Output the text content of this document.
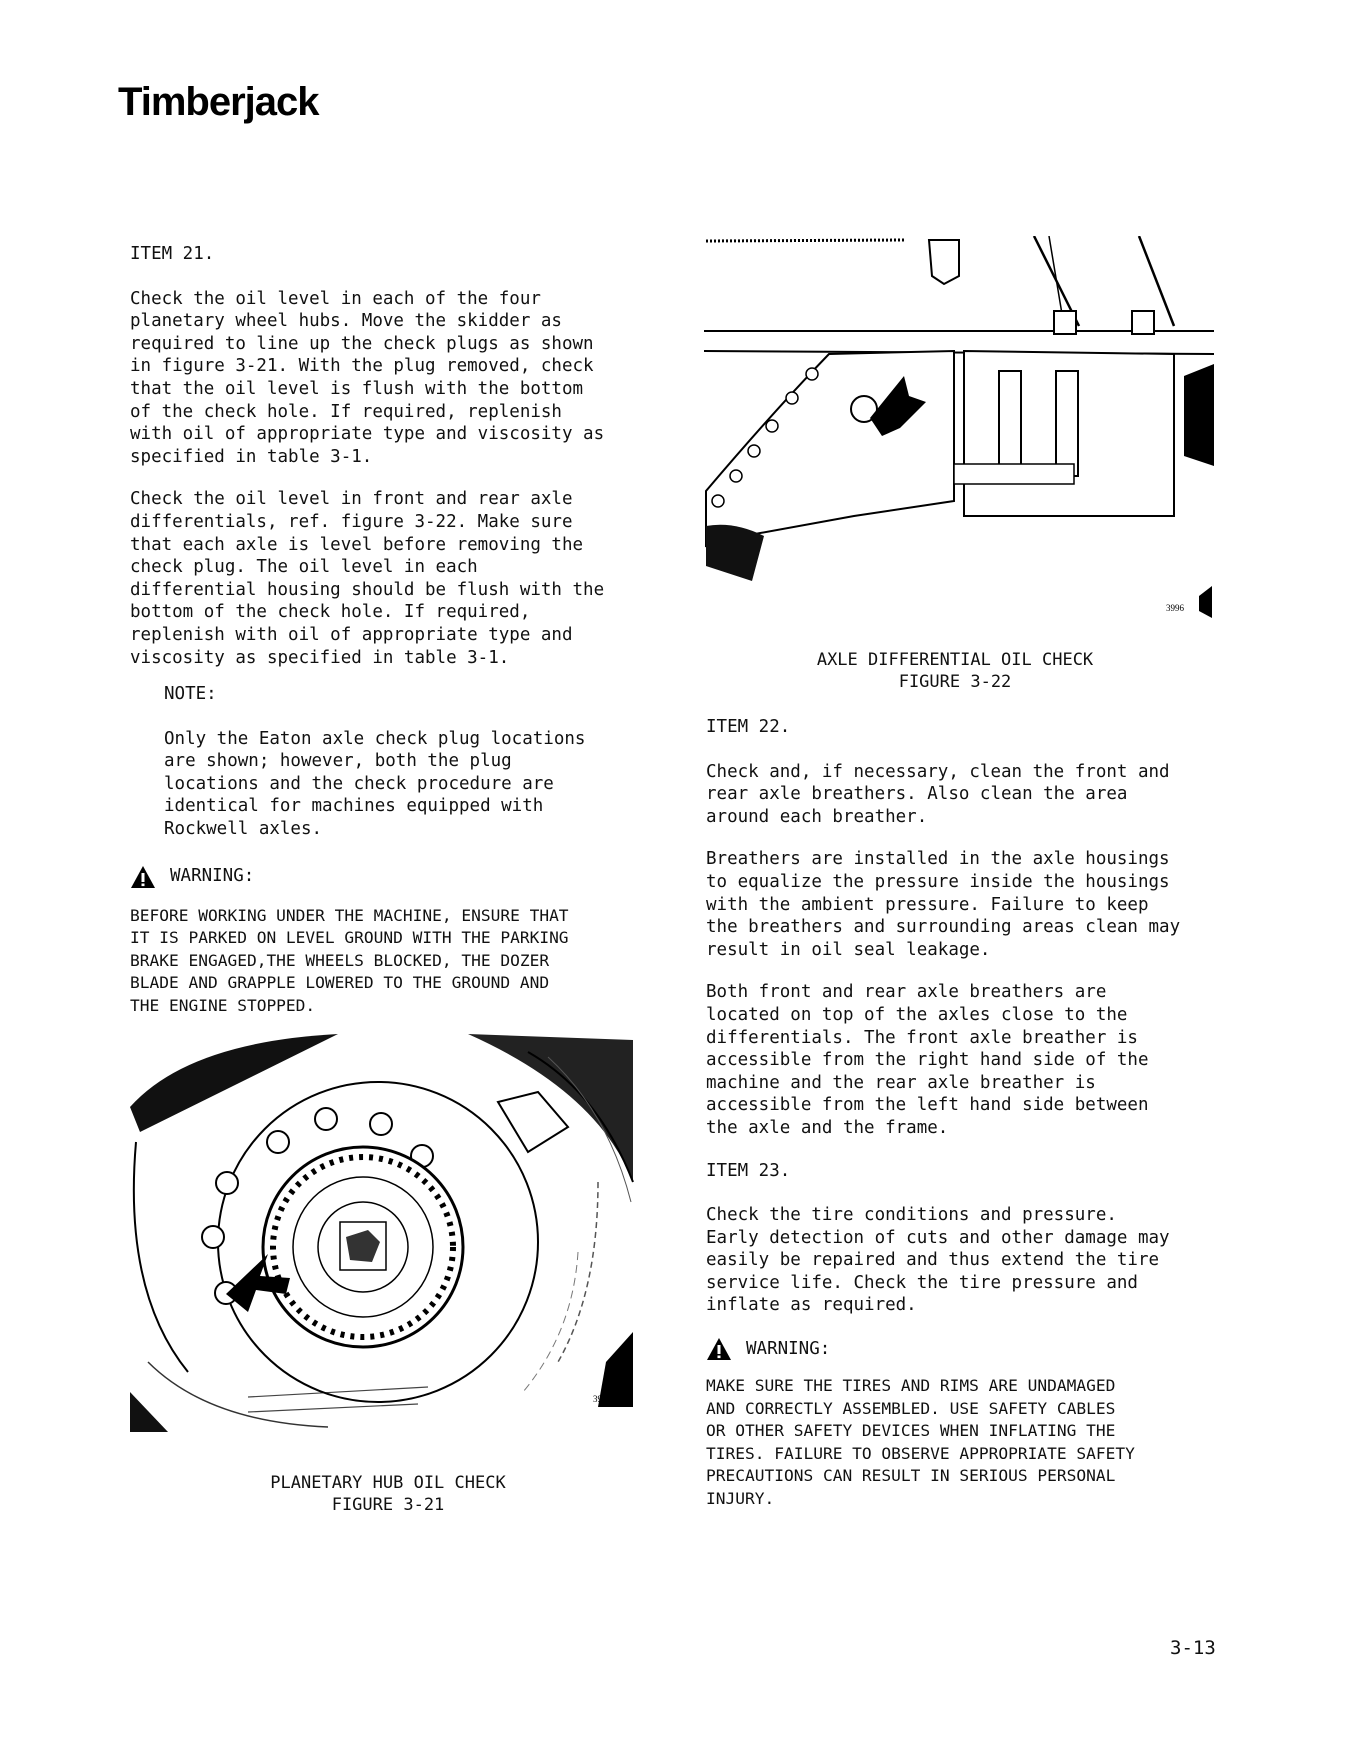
Timberjack

ITEM 21.

Check the oil level in each of the four
planetary wheel hubs. Move the skidder as
required to line up the check plugs as shown
in figure 3-21. With the plug removed, check
that the oil level is flush with the bottom
of the check hole. If required, replenish
with oil of appropriate type and viscosity as
specified in table 3-1.

Check the oil level in front and rear axle
differentials, ref. figure 3-22. Make sure
that each axle is level before removing the
check plug. The oil level in each
differential housing should be flush with the
bottom of the check hole. If required,
replenish with oil of appropriate type and
viscosity as specified in table 3-1.

NOTE:

Only the Eaton axle check plug locations
are shown; however, both the plug
locations and the check procedure are
identical for machines equipped with
Rockwell axles.

WARNING:

BEFORE WORKING UNDER THE MACHINE, ENSURE THAT
IT IS PARKED ON LEVEL GROUND WITH THE PARKING
BRAKE ENGAGED,THE WHEELS BLOCKED, THE DOZER
BLADE AND GRAPPLE LOWERED TO THE GROUND AND
THE ENGINE STOPPED.

3995
PLANETARY HUB OIL CHECK
FIGURE 3-21
3996
AXLE DIFFERENTIAL OIL CHECK
FIGURE 3-22

ITEM 22.

Check and, if necessary, clean the front and
rear axle breathers. Also clean the area
around each breather.

Breathers are installed in the axle housings
to equalize the pressure inside the housings
with the ambient pressure. Failure to keep
the breathers and surrounding areas clean may
result in oil seal leakage.

Both front and rear axle breathers are
located on top of the axles close to the
differentials. The front axle breather is
accessible from the right hand side of the
machine and the rear axle breather is
accessible from the left hand side between
the axle and the frame.

ITEM 23.

Check the tire conditions and pressure.
Early detection of cuts and other damage may
easily be repaired and thus extend the tire
service life. Check the tire pressure and
inflate as required.

WARNING:

MAKE SURE THE TIRES AND RIMS ARE UNDAMAGED
AND CORRECTLY ASSEMBLED. USE SAFETY CABLES
OR OTHER SAFETY DEVICES WHEN INFLATING THE
TIRES. FAILURE TO OBSERVE APPROPRIATE SAFETY
PRECAUTIONS CAN RESULT IN SERIOUS PERSONAL
INJURY.

3-13
